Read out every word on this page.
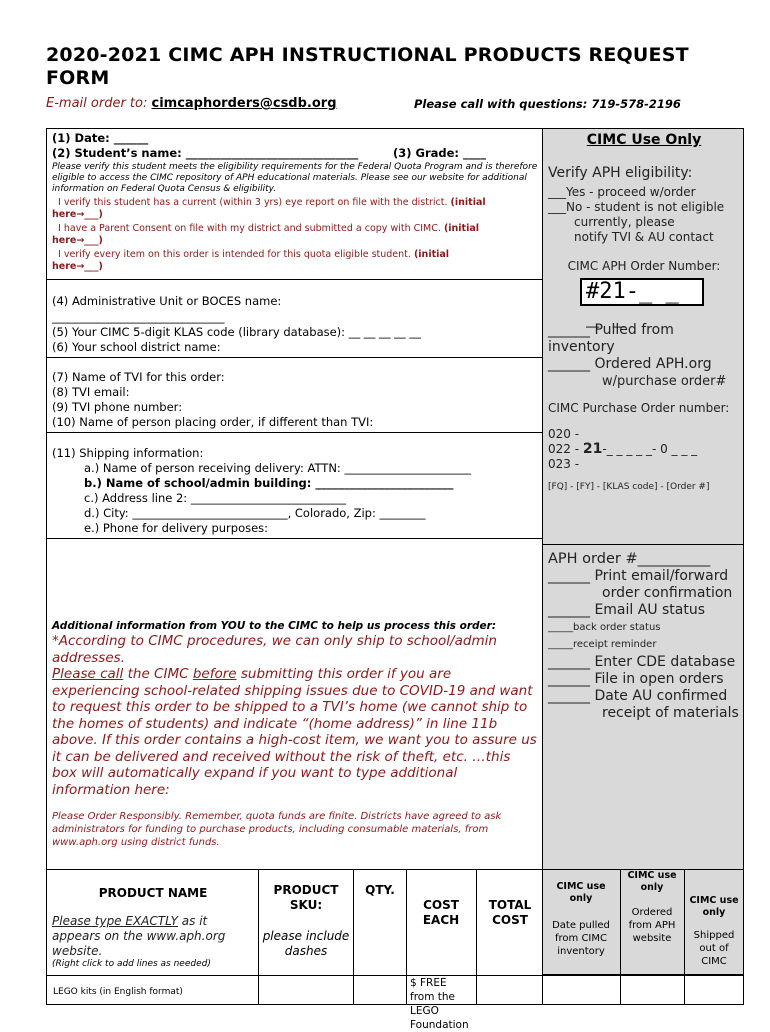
2020-2021 CIMC APH INSTRUCTIONAL PRODUCTS REQUEST FORM
E-mail order to: cimcaphorders@csdb.org	Please call with questions: 719-578-2196
(1) Date: ______
(2) Student’s name: ______________________________	(3) Grade: ____
Please verify this student meets the eligibility requirements for the Federal Quota Program and is therefore eligible to access the CIMC repository of APH educational materials. Please see our website for additional information on Federal Quota Census & eligibility.
I verify this student has a current (within 3 yrs) eye report on file with the district. (initial
here→___)
I have a Parent Consent on file with my district and submitted a copy with CIMC. (initial
here→___)
I verify every item on this order is intended for this quota eligible student. (initial
here→___)
(4) Administrative Unit or BOCES name:
______________________________
(5) Your CIMC 5-digit KLAS code (library database): __ __ __ __ __
(6) Your school district name:
(7) Name of TVI for this order:
(8) TVI email:
(9) TVI phone number:
(10) Name of person placing order, if different than TVI:
(11) Shipping information:
a.) Name of person receiving delivery: ATTN: ______________________
b.) Name of school/admin building: ________________________
c.) Address line 2: ___________________________
d.) City: ___________________________, Colorado, Zip: ________
e.) Phone for delivery purposes:
Additional information from YOU to the CIMC to help us process this order:
*According to CIMC procedures, we can only ship to school/admin addresses.
Please call the CIMC before submitting this order if you are experiencing school-related shipping issues due to COVID-19 and want to request this order to be shipped to a TVI’s home (we cannot ship to the homes of students) and indicate “(home address)” in line 11b above. If this order contains a high-cost item, we want you to assure us it can be delivered and received without the risk of theft, etc. …this box will automatically expand if you want to type additional information here:
Please Order Responsibly. Remember, quota funds are finite. Districts have agreed to ask administrators for funding to purchase products, including consumable materials, from www.aph.org using district funds.
CIMC Use Only
Verify APH eligibility:
___Yes - proceed w/order
___No - student is not eligible
currently, please
notify TVI & AU contact
CIMC APH Order Number:
#21-_ _ _ _
______ Pulled from inventory
______ Ordered APH.org
w/purchase order#
CIMC Purchase Order number:
020 -
022 - 21-_ _ _ _ _- 0 _ _ _
023 -
[FQ] - [FY] - [KLAS code] - [Order #]
APH order #__________
______ Print email/forward
order confirmation
______ Email AU status
_____back order status
_____receipt reminder
______ Enter CDE database
______ File in open orders
______ Date AU confirmed
receipt of materials
PRODUCT NAME
Please type EXACTLY as it appears on the www.aph.org website.
(Right click to add lines as needed)
PRODUCT SKU:
please include dashes
QTY.
COST EACH
TOTAL COST
CIMC use only
Date pulled from CIMC inventory
CIMC use only
Ordered from APH website
CIMC use only
Shipped out of CIMC
LEGO kits (in English format)
$ FREE from the LEGO Foundation
